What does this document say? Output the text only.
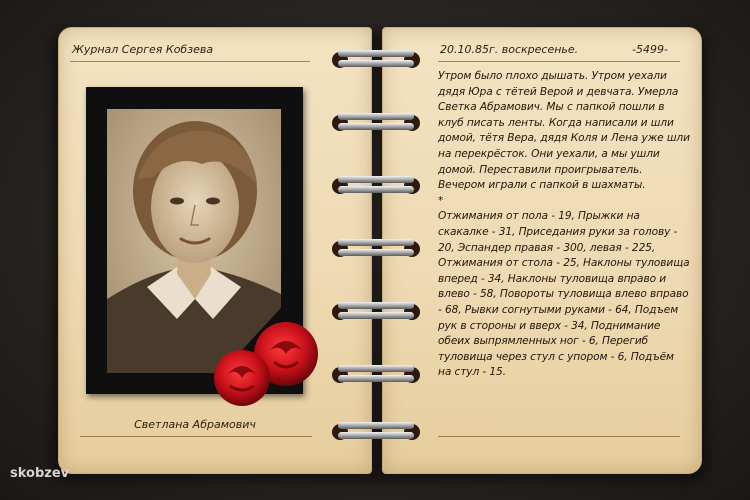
Журнал Сергея Кобзева
Светлана Абрамович
20.10.85г. воскресенье.	-5499-

Утром было плохо дышать. Утром уехали дядя Юра с тётей Верой и девчата. Умерла Светка Абрамович. Мы с папкой пошли в клуб писать ленты. Когда написали и шли домой, тётя Вера, дядя Коля и Лена уже шли на перекрёсток. Они уехали, а мы ушли домой. Переставили проигрыватель. Вечером играли с папкой в шахматы.

*

Отжимания от пола - 19, Прыжки на скакалке - 31, Приседания руки за голову - 20, Эспандер правая - 300, левая - 225, Отжимания от стола - 25, Наклоны туловища вперед - 34, Наклоны туловища вправо и влево - 58, Повороты туловища влево вправо - 68, Рывки согнутыми руками - 64, Подъем рук в стороны и вверх - 34, Поднимание обеих выпрямленных ног - 6, Перегиб туловища через стул с упором - 6, Подъём на стул - 15.

skobzev
